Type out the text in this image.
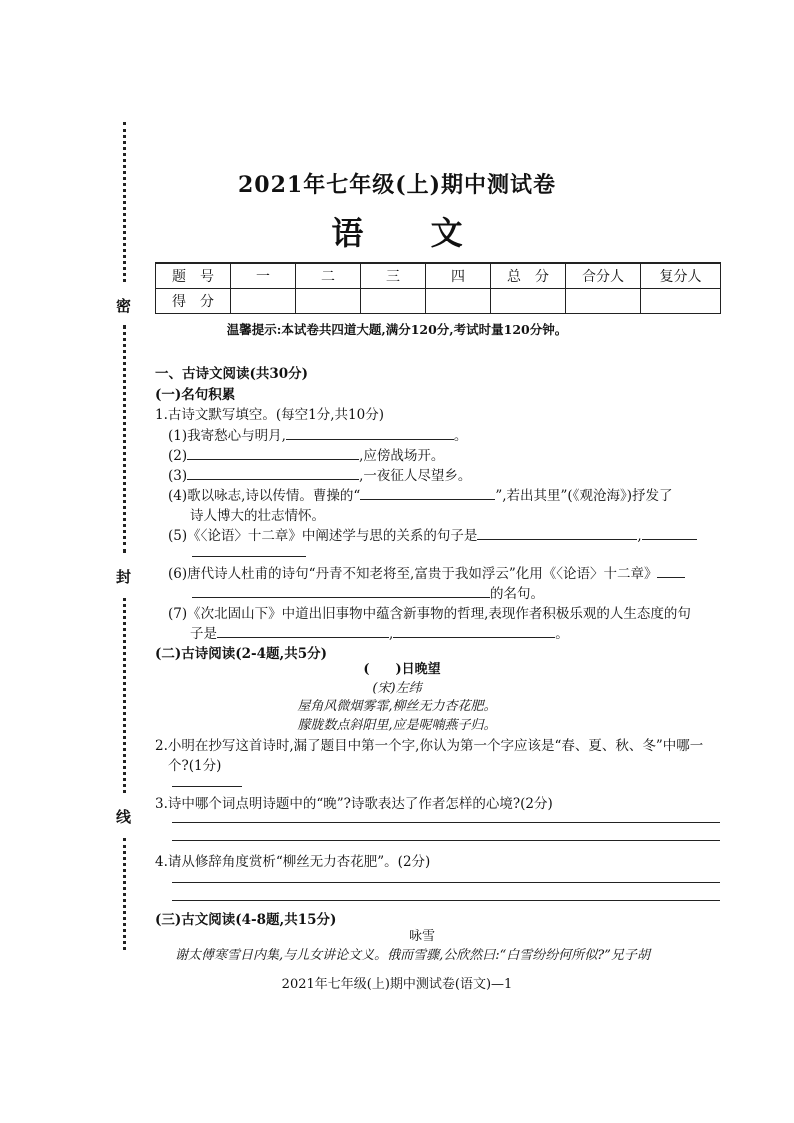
密
封
线
2021年七年级(上)期中测试卷
语 文
题　号	一	二	三	四	总　分	合分人	复分人
得　分							
温馨提示:本试卷共四道大题,满分120分,考试时量120分钟。
一、古诗文阅读(共30分)
(一)名句积累
1.古诗文默写填空。(每空1分,共10分)
(1)我寄愁心与明月,	。
(2)	,应傍战场开。
(3)	,一夜征人尽望乡。
(4)歌以咏志,诗以传情。曹操的“	”,若出其里”(《观沧海》)抒发了
诗人博大的壮志情怀。
(5)《〈论语〉十二章》中阐述学与思的关系的句子是	,
(6)唐代诗人杜甫的诗句“丹青不知老将至,富贵于我如浮云”化用《〈论语〉十二章》
的名句。
(7)《次北固山下》中道出旧事物中蕴含新事物的哲理,表现作者积极乐观的人生态度的句
子是	,	。
(二)古诗阅读(2-4题,共5分)
(　　)日晚望
(宋)左纬
屋角风微烟雾霏,柳丝无力杏花肥。
朦胧数点斜阳里,应是呢喃燕子归。
2.小明在抄写这首诗时,漏了题目中第一个字,你认为第一个字应该是“春、夏、秋、冬”中哪一
个?(1分)
3.诗中哪个词点明诗题中的“晚”?诗歌表达了作者怎样的心境?(2分)
4.请从修辞角度赏析“柳丝无力杏花肥”。(2分)
(三)古文阅读(4-8题,共15分)
咏雪
谢太傅寒雪日内集,与儿女讲论文义。俄而雪骤,公欣然曰:“白雪纷纷何所似?”兄子胡
2021年七年级(上)期中测试卷(语文)—1
